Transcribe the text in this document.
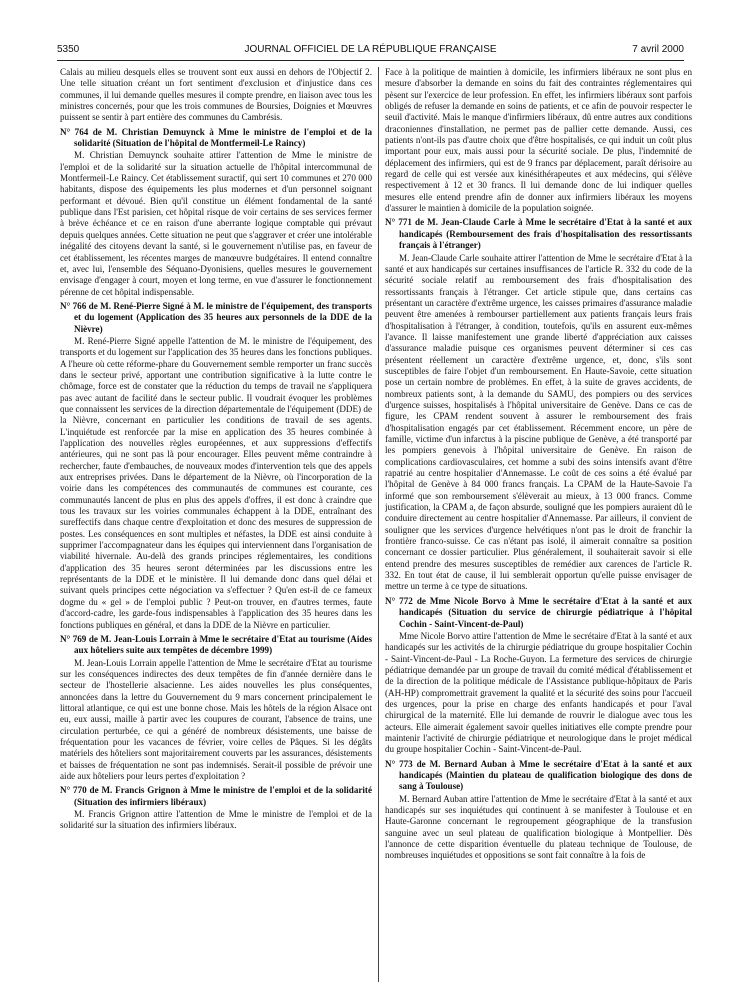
5350	JOURNAL OFFICIEL DE LA RÉPUBLIQUE FRANÇAISE	7 avril 2000

Calais au milieu desquels elles se trouvent sont eux aussi en dehors de l'Objectif 2. Une telle situation créant un fort sentiment d'exclusion et d'injustice dans ces communes, il lui demande quelles mesures il compte prendre, en liaison avec tous les ministres concernés, pour que les trois communes de Boursies, Doignies et Mœuvres puissent se sentir à part entière des communes du Cambrésis.

N° 764 de M. Christian Demuynck à Mme le ministre de l'emploi et de la solidarité (Situation de l'hôpital de Montfermeil-Le Raincy)

M. Christian Demuynck souhaite attirer l'attention de Mme le ministre de l'emploi et de la solidarité sur la situation actuelle de l'hôpital intercommunal de Montfermeil-Le Raincy. Cet établissement suractif, qui sert 10 communes et 270 000 habitants, dispose des équipements les plus modernes et d'un personnel soignant performant et dévoué. Bien qu'il constitue un élément fondamental de la santé publique dans l'Est parisien, cet hôpital risque de voir certains de ses services fermer à brève échéance et ce en raison d'une aberrante logique comptable qui prévaut depuis quelques années. Cette situation ne peut que s'aggraver et créer une intolérable inégalité des citoyens devant la santé, si le gouvernement n'utilise pas, en faveur de cet établissement, les récentes marges de manœuvre budgétaires. Il entend connaître et, avec lui, l'ensemble des Séquano-Dyonisiens, quelles mesures le gouvernement envisage d'engager à court, moyen et long terme, en vue d'assurer le fonctionnement pérenne de cet hôpital indispensable.

N° 766 de M. René-Pierre Signé à M. le ministre de l'équipement, des transports et du logement (Application des 35 heures aux personnels de la DDE de la Nièvre)

M. René-Pierre Signé appelle l'attention de M. le ministre de l'équipement, des transports et du logement sur l'application des 35 heures dans les fonctions publiques. A l'heure où cette réforme-phare du Gouvernement semble remporter un franc succès dans le secteur privé, apportant une contribution significative à la lutte contre le chômage, force est de constater que la réduction du temps de travail ne s'appliquera pas avec autant de facilité dans le secteur public. Il voudrait évoquer les problèmes que connaissent les services de la direction départementale de l'équipement (DDE) de la Nièvre, concernant en particulier les conditions de travail de ses agents. L'inquiétude est renforcée par la mise en application des 35 heures combinée à l'application des nouvelles règles européennes, et aux suppressions d'effectifs antérieures, qui ne sont pas là pour encourager. Elles peuvent même contraindre à rechercher, faute d'embauches, de nouveaux modes d'intervention tels que des appels aux entreprises privées. Dans le département de la Nièvre, où l'incorporation de la voirie dans les compétences des communautés de communes est courante, ces communautés lancent de plus en plus des appels d'offres, il est donc à craindre que tous les travaux sur les voiries communales échappent à la DDE, entraînant des sureffectifs dans chaque centre d'exploitation et donc des mesures de suppression de postes. Les conséquences en sont multiples et néfastes, la DDE est ainsi conduite à supprimer l'accompagnateur dans les équipes qui interviennent dans l'organisation de viabilité hivernale. Au-delà des grands principes réglementaires, les conditions d'application des 35 heures seront déterminées par les discussions entre les représentants de la DDE et le ministère. Il lui demande donc dans quel délai et suivant quels principes cette négociation va s'effectuer ? Qu'en est-il de ce fameux dogme du « gel » de l'emploi public ? Peut-on trouver, en d'autres termes, faute d'accord-cadre, les garde-fous indispensables à l'application des 35 heures dans les fonctions publiques en général, et dans la DDE de la Nièvre en particulier.

N° 769 de M. Jean-Louis Lorrain à Mme le secrétaire d'Etat au tourisme (Aides aux hôteliers suite aux tempêtes de décembre 1999)

M. Jean-Louis Lorrain appelle l'attention de Mme le secrétaire d'Etat au tourisme sur les conséquences indirectes des deux tempêtes de fin d'année dernière dans le secteur de l'hostellerie alsacienne. Les aides nouvelles les plus conséquentes, annoncées dans la lettre du Gouvernement du 9 mars concernent principalement le littoral atlantique, ce qui est une bonne chose. Mais les hôtels de la région Alsace ont eu, eux aussi, maille à partir avec les coupures de courant, l'absence de trains, une circulation perturbée, ce qui a généré de nombreux désistements, une baisse de fréquentation pour les vacances de février, voire celles de Pâques. Si les dégâts matériels des hôteliers sont majoritairement couverts par les assurances, désistements et baisses de fréquentation ne sont pas indemnisés. Serait-il possible de prévoir une aide aux hôteliers pour leurs pertes d'exploitation ?

N° 770 de M. Francis Grignon à Mme le ministre de l'emploi et de la solidarité (Situation des infirmiers libéraux)

M. Francis Grignon attire l'attention de Mme le ministre de l'emploi et de la solidarité sur la situation des infirmiers libéraux.

Face à la politique de maintien à domicile, les infirmiers libéraux ne sont plus en mesure d'absorber la demande en soins du fait des contraintes réglementaires qui pèsent sur l'exercice de leur profession. En effet, les infirmiers libéraux sont parfois obligés de refuser la demande en soins de patients, et ce afin de pouvoir respecter le seuil d'activité. Mais le manque d'infirmiers libéraux, dû entre autres aux conditions draconiennes d'installation, ne permet pas de pallier cette demande. Aussi, ces patients n'ont-ils pas d'autre choix que d'être hospitalisés, ce qui induit un coût plus important pour eux, mais aussi pour la sécurité sociale. De plus, l'indemnité de déplacement des infirmiers, qui est de 9 francs par déplacement, paraît dérisoire au regard de celle qui est versée aux kinésithérapeutes et aux médecins, qui s'élève respectivement à 12 et 30 francs. Il lui demande donc de lui indiquer quelles mesures elle entend prendre afin de donner aux infirmiers libéraux les moyens d'assurer le maintien à domicile de la population soignée.

N° 771 de M. Jean-Claude Carle à Mme le secrétaire d'Etat à la santé et aux handicapés (Remboursement des frais d'hospitalisation des ressortissants français à l'étranger)

M. Jean-Claude Carle souhaite attirer l'attention de Mme le secrétaire d'Etat à la santé et aux handicapés sur certaines insuffisances de l'article R. 332 du code de la sécurité sociale relatif au remboursement des frais d'hospitalisation des ressortissants français à l'étranger. Cet article stipule que, dans certains cas présentant un caractère d'extrême urgence, les caisses primaires d'assurance maladie peuvent être amenées à rembourser partiellement aux patients français leurs frais d'hospitalisation à l'étranger, à condition, toutefois, qu'ils en assurent eux-mêmes l'avance. Il laisse manifestement une grande liberté d'appréciation aux caisses d'assurance maladie puisque ces organismes peuvent déterminer si ces cas présentent réellement un caractère d'extrême urgence, et, donc, s'ils sont susceptibles de faire l'objet d'un remboursement. En Haute-Savoie, cette situation pose un certain nombre de problèmes. En effet, à la suite de graves accidents, de nombreux patients sont, à la demande du SAMU, des pompiers ou des services d'urgence suisses, hospitalisés à l'hôpital universitaire de Genève. Dans ce cas de figure, les CPAM rendent souvent à assurer le remboursement des frais d'hospitalisation engagés par cet établissement. Récemment encore, un père de famille, victime d'un infarctus à la piscine publique de Genève, a été transporté par les pompiers genevois à l'hôpital universitaire de Genève. En raison de complications cardiovasculaires, cet homme a subi des soins intensifs avant d'être rapatrié au centre hospitalier d'Annemasse. Le coût de ces soins a été évalué par l'hôpital de Genève à 84 000 francs français. La CPAM de la Haute-Savoie l'a informé que son remboursement s'élèverait au mieux, à 13 000 francs. Comme justification, la CPAM a, de façon absurde, souligné que les pompiers auraient dû le conduire directement au centre hospitalier d'Annemasse. Par ailleurs, il convient de souligner que les services d'urgence helvétiques n'ont pas le droit de franchir la frontière franco-suisse. Ce cas n'étant pas isolé, il aimerait connaître sa position concernant ce dossier particulier. Plus généralement, il souhaiterait savoir si elle entend prendre des mesures susceptibles de remédier aux carences de l'article R. 332. En tout état de cause, il lui semblerait opportun qu'elle puisse envisager de mettre un terme à ce type de situations.

N° 772 de Mme Nicole Borvo à Mme le secrétaire d'Etat à la santé et aux handicapés (Situation du service de chirurgie pédiatrique à l'hôpital Cochin - Saint-Vincent-de-Paul)

Mme Nicole Borvo attire l'attention de Mme le secrétaire d'Etat à la santé et aux handicapés sur les activités de la chirurgie pédiatrique du groupe hospitalier Cochin - Saint-Vincent-de-Paul - La Roche-Guyon. La fermeture des services de chirurgie pédiatrique demandée par un groupe de travail du comité médical d'établissement et de la direction de la politique médicale de l'Assistance publique-hôpitaux de Paris (AH-HP) compromettrait gravement la qualité et la sécurité des soins pour l'accueil des urgences, pour la prise en charge des enfants handicapés et pour l'aval chirurgical de la maternité. Elle lui demande de rouvrir le dialogue avec tous les acteurs. Elle aimerait également savoir quelles initiatives elle compte prendre pour maintenir l'activité de chirurgie pédiatrique et neurologique dans le projet médical du groupe hospitalier Cochin - Saint-Vincent-de-Paul.

N° 773 de M. Bernard Auban à Mme le secrétaire d'Etat à la santé et aux handicapés (Maintien du plateau de qualification biologique des dons de sang à Toulouse)

M. Bernard Auban attire l'attention de Mme le secrétaire d'Etat à la santé et aux handicapés sur ses inquiétudes qui continuent à se manifester à Toulouse et en Haute-Garonne concernant le regroupement géographique de la transfusion sanguine avec un seul plateau de qualification biologique à Montpellier. Dès l'annonce de cette disparition éventuelle du plateau technique de Toulouse, de nombreuses inquiétudes et oppositions se sont fait connaître à la fois de
